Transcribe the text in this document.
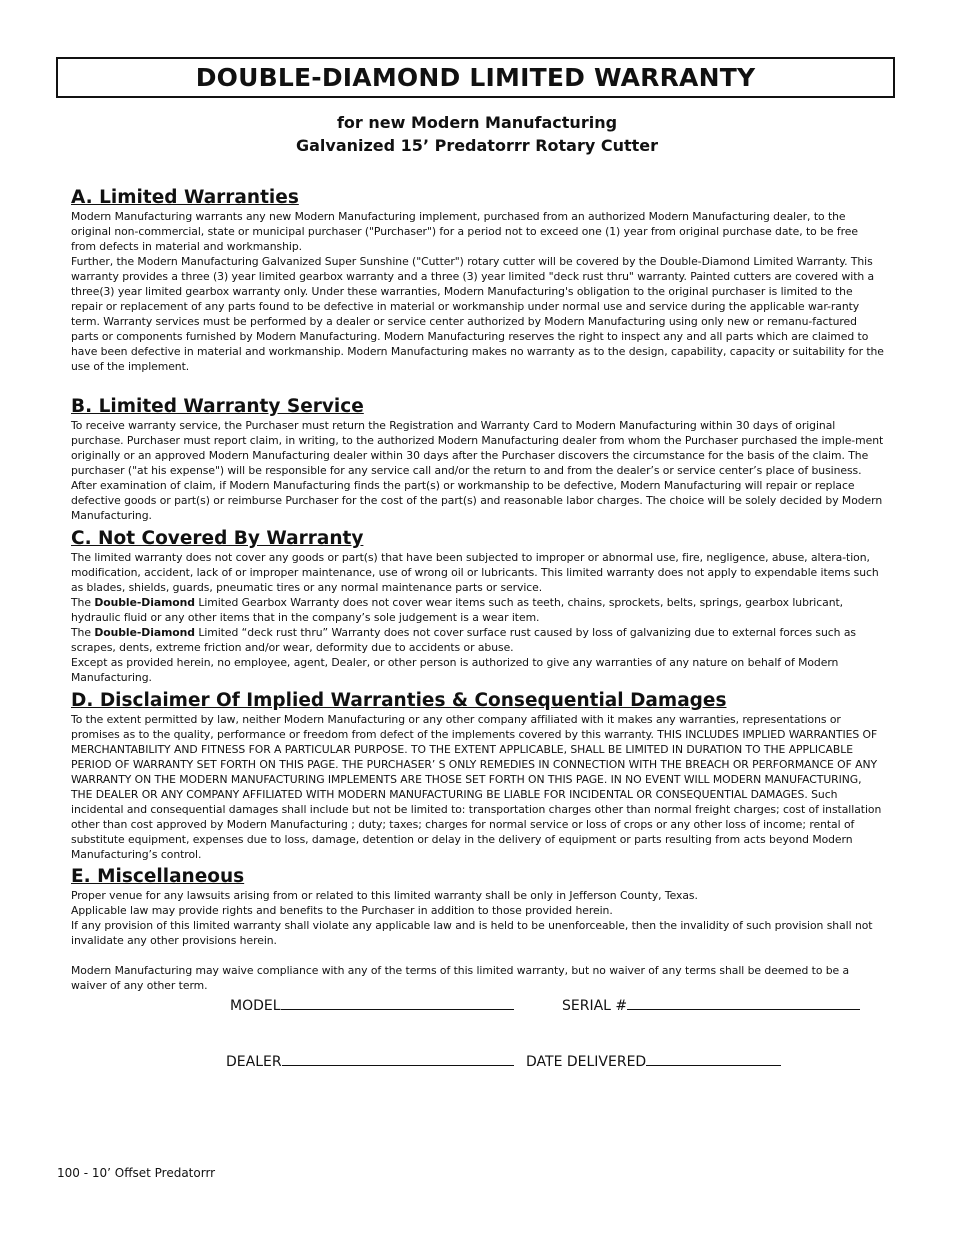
DOUBLE-DIAMOND LIMITED WARRANTY
for new Modern Manufacturing
Galvanized 15’ Predatorrr Rotary Cutter
A. Limited Warranties

Modern Manufacturing warrants any new Modern Manufacturing implement, purchased from an authorized Modern Manufacturing dealer, to the original non-commercial, state or municipal purchaser ("Purchaser") for a period not to exceed one (1) year from original purchase date, to be free from defects in material and workmanship.

Further, the Modern Manufacturing Galvanized Super Sunshine ("Cutter") rotary cutter will be covered by the Double-Diamond Limited Warranty. This warranty provides a three (3) year limited gearbox warranty and a three (3) year limited "deck rust thru" warranty. Painted cutters are covered with a three(3) year limited gearbox warranty only. Under these warranties, Modern Manufacturing's obligation to the original purchaser is limited to the repair or replacement of any parts found to be defective in material or workmanship under normal use and service during the applicable war-ranty term. Warranty services must be performed by a dealer or service center authorized by Modern Manufacturing using only new or remanu-factured parts or components furnished by Modern Manufacturing. Modern Manufacturing reserves the right to inspect any and all parts which are claimed to have been defective in material and workmanship. Modern Manufacturing makes no warranty as to the design, capability, capacity or suitability for the use of the implement.

B. Limited Warranty Service

To receive warranty service, the Purchaser must return the Registration and Warranty Card to Modern Manufacturing within 30 days of original purchase. Purchaser must report claim, in writing, to the authorized Modern Manufacturing dealer from whom the Purchaser purchased the imple-ment originally or an approved Modern Manufacturing dealer within 30 days after the Purchaser discovers the circumstance for the basis of the claim. The purchaser ("at his expense") will be responsible for any service call and/or the return to and from the dealer’s or service center’s place of business. After examination of claim, if Modern Manufacturing finds the part(s) or workmanship to be defective, Modern Manufacturing will repair or replace defective goods or part(s) or reimburse Purchaser for the cost of the part(s) and reasonable labor charges. The choice will be solely decided by Modern Manufacturing.

C. Not Covered By Warranty

The limited warranty does not cover any goods or part(s) that have been subjected to improper or abnormal use, fire, negligence, abuse, altera-tion, modification, accident, lack of or improper maintenance, use of wrong oil or lubricants. This limited warranty does not apply to expendable items such as blades, shields, guards, pneumatic tires or any normal maintenance parts or service.

The Double-Diamond Limited Gearbox Warranty does not cover wear items such as teeth, chains, sprockets, belts, springs, gearbox lubricant, hydraulic fluid or any other items that in the company’s sole judgement is a wear item.

The Double-Diamond Limited “deck rust thru” Warranty does not cover surface rust caused by loss of galvanizing due to external forces such as scrapes, dents, extreme friction and/or wear, deformity due to accidents or abuse.

Except as provided herein, no employee, agent, Dealer, or other person is authorized to give any warranties of any nature on behalf of Modern Manufacturing.

D. Disclaimer Of Implied Warranties & Consequential Damages

To the extent permitted by law, neither Modern Manufacturing or any other company affiliated with it makes any warranties, representations or promises as to the quality, performance or freedom from defect of the implements covered by this warranty. THIS INCLUDES IMPLIED WARRANTIES OF MERCHANTABILITY AND FITNESS FOR A PARTICULAR PURPOSE. TO THE EXTENT APPLICABLE, SHALL BE LIMITED IN DURATION TO THE APPLICABLE PERIOD OF WARRANTY SET FORTH ON THIS PAGE. THE PURCHASER’ S ONLY REMEDIES IN CONNECTION WITH THE BREACH OR PERFORMANCE OF ANY WARRANTY ON THE MODERN MANUFACTURING IMPLEMENTS ARE THOSE SET FORTH ON THIS PAGE. IN NO EVENT WILL MODERN MANUFACTURING, THE DEALER OR ANY COMPANY AFFILIATED WITH MODERN MANUFACTURING BE LIABLE FOR INCIDENTAL OR CONSEQUENTIAL DAMAGES. Such incidental and consequential damages shall include but not be limited to: transportation charges other than normal freight charges; cost of installation other than cost approved by Modern Manufacturing ; duty; taxes; charges for normal service or loss of crops or any other loss of income; rental of substitute equipment, expenses due to loss, damage, detention or delay in the delivery of equipment or parts resulting from acts beyond Modern Manufacturing’s control.

E. Miscellaneous

Proper venue for any lawsuits arising from or related to this limited warranty shall be only in Jefferson County, Texas.

Applicable law may provide rights and benefits to the Purchaser in addition to those provided herein.

If any provision of this limited warranty shall violate any applicable law and is held to be unenforceable, then the invalidity of such provision shall not invalidate any other provisions herein.

Modern Manufacturing may waive compliance with any of the terms of this limited warranty, but no waiver of any terms shall be deemed to be a waiver of any other term.

MODEL	SERIAL #
DEALER	DATE DELIVERED
100 - 10’ Offset Predatorrr
